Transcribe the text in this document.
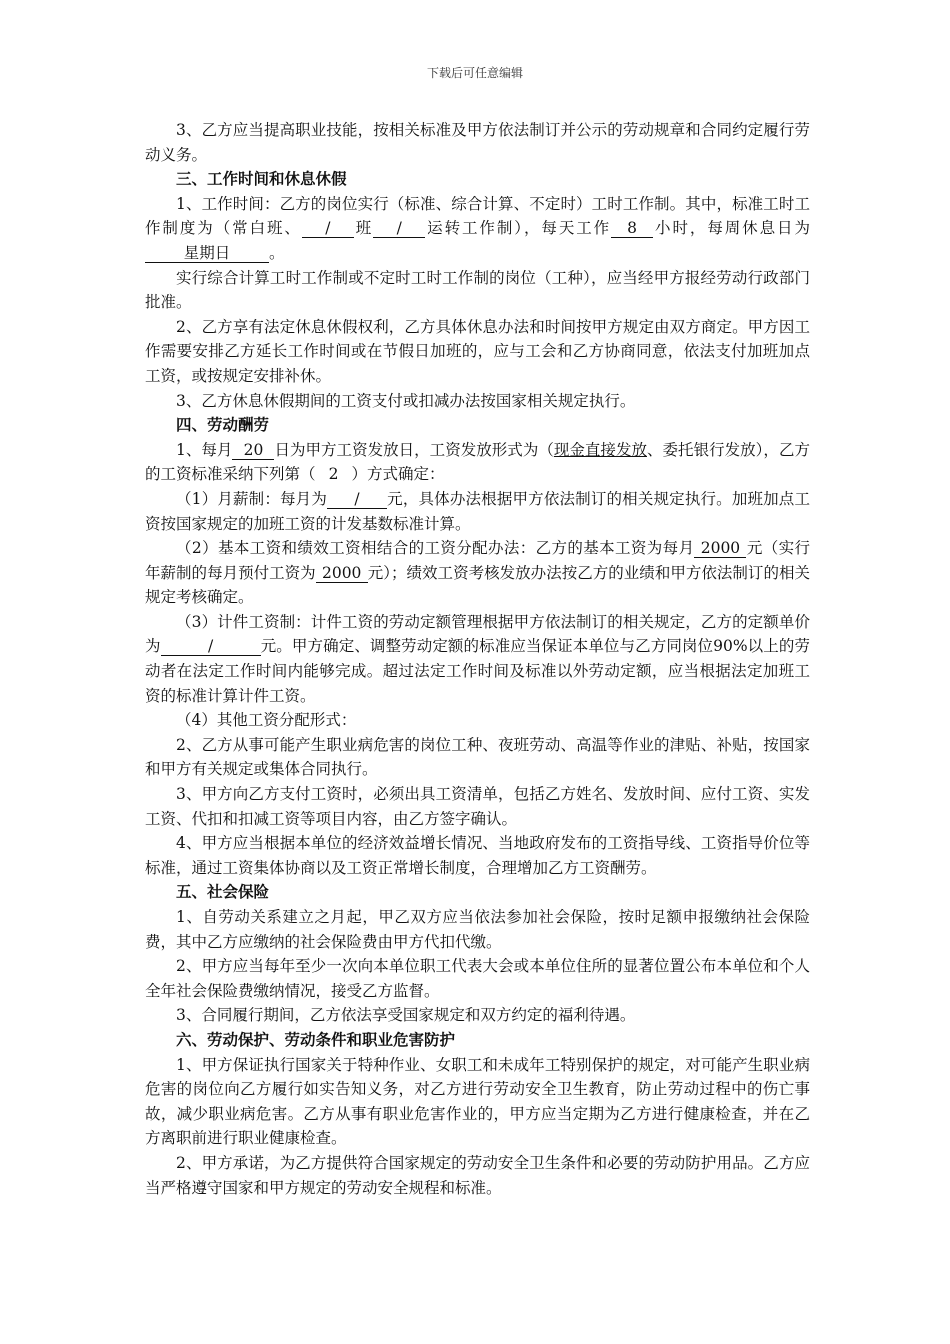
下载后可任意编辑

3、乙方应当提高职业技能，按相关标准及甲方依法制订并公示的劳动规章和合同约定履行劳动义务。

三、工作时间和休息休假

1、工作时间：乙方的岗位实行（标准、综合计算、不定时）工时工作制。其中，标准工时工作制度为（常白班、 / 班 / 运转工作制），每天工作 8 小时，每周休息日为星期日	。

实行综合计算工时工作制或不定时工时工作制的岗位（工种），应当经甲方报经劳动行政部门批准。

2、乙方享有法定休息休假权利，乙方具体休息办法和时间按甲方规定由双方商定。甲方因工作需要安排乙方延长工作时间或在节假日加班的，应与工会和乙方协商同意，依法支付加班加点工资，或按规定安排补休。

3、乙方休息休假期间的工资支付或扣减办法按国家相关规定执行。

四、劳动酬劳

1、每月 20 日为甲方工资发放日，工资发放形式为（现金直接发放、委托银行发放），乙方的工资标准采纳下列第（ 2 ）方式确定：

（1）月薪制：每月为 / 元，具体办法根据甲方依法制订的相关规定执行。加班加点工资按国家规定的加班工资的计发基数标准计算。

（2）基本工资和绩效工资相结合的工资分配办法：乙方的基本工资为每月 2000 元（实行年薪制的每月预付工资为 2000 元）；绩效工资考核发放办法按乙方的业绩和甲方依法制订的相关规定考核确定。

（3）计件工资制：计件工资的劳动定额管理根据甲方依法制订的相关规定，乙方的定额单价为	/	元。甲方确定、调整劳动定额的标准应当保证本单位与乙方同岗位90%以上的劳动者在法定工作时间内能够完成。超过法定工作时间及标准以外劳动定额，应当根据法定加班工资的标准计算计件工资。

（4）其他工资分配形式：

2、乙方从事可能产生职业病危害的岗位工种、夜班劳动、高温等作业的津贴、补贴，按国家和甲方有关规定或集体合同执行。

3、甲方向乙方支付工资时，必须出具工资清单，包括乙方姓名、发放时间、应付工资、实发工资、代扣和扣减工资等项目内容，由乙方签字确认。

4、甲方应当根据本单位的经济效益增长情况、当地政府发布的工资指导线、工资指导价位等标准，通过工资集体协商以及工资正常增长制度，合理增加乙方工资酬劳。

五、社会保险

1、自劳动关系建立之月起，甲乙双方应当依法参加社会保险，按时足额申报缴纳社会保险费，其中乙方应缴纳的社会保险费由甲方代扣代缴。

2、甲方应当每年至少一次向本单位职工代表大会或本单位住所的显著位置公布本单位和个人全年社会保险费缴纳情况，接受乙方监督。

3、合同履行期间，乙方依法享受国家规定和双方约定的福利待遇。

六、劳动保护、劳动条件和职业危害防护

1、甲方保证执行国家关于特种作业、女职工和未成年工特别保护的规定，对可能产生职业病危害的岗位向乙方履行如实告知义务，对乙方进行劳动安全卫生教育，防止劳动过程中的伤亡事故，减少职业病危害。乙方从事有职业危害作业的，甲方应当定期为乙方进行健康检查，并在乙方离职前进行职业健康检查。

2、甲方承诺，为乙方提供符合国家规定的劳动安全卫生条件和必要的劳动防护用品。乙方应当严格遵守国家和甲方规定的劳动安全规程和标准。
